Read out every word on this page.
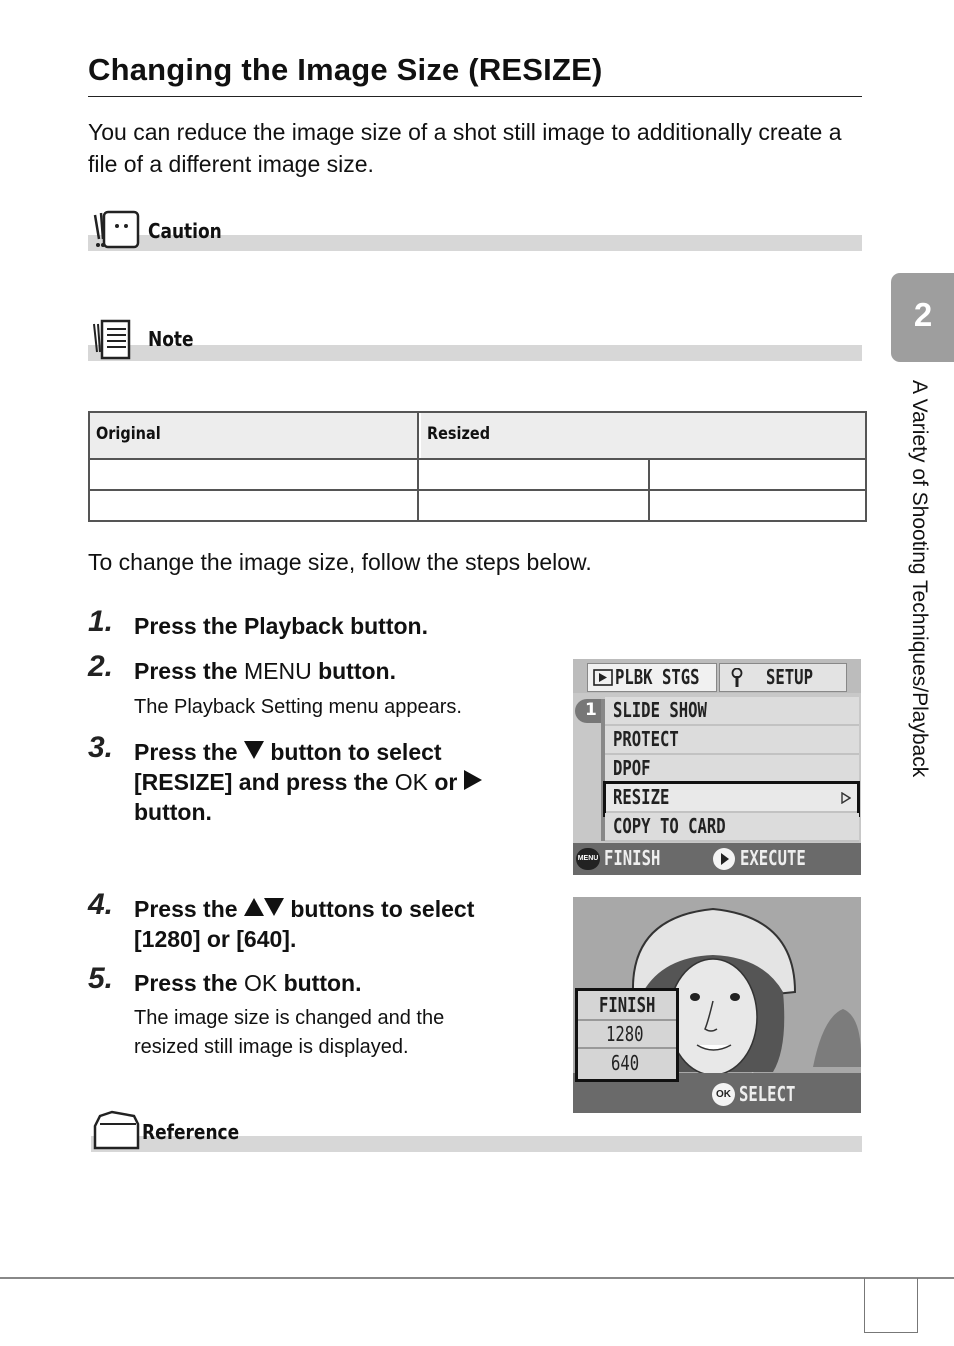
Changing the Image Size (RESIZE)
You can reduce the image size of a shot still image to additionally create a file of a different image size.
Caution
Note
Original	Resized
To change the image size, follow the steps below.
1. Press the Playback button.
2. Press the MENU button.
The Playback Setting menu appears.
3. Press the  button to select
[RESIZE] and press the OK or
button.
4. Press the  buttons to select
[1280] or [640].
5. Press the OK button.
The image size is changed and the
resized still image is displayed.
PLBK STGS	SETUP
1 SLIDE SHOW
PROTECT
DPOF
RESIZE
COPY TO CARD
MENU FINISH	EXECUTE
FINISH
1280
640
OK SELECT
Reference
2
A Variety of Shooting Techniques/Playback
